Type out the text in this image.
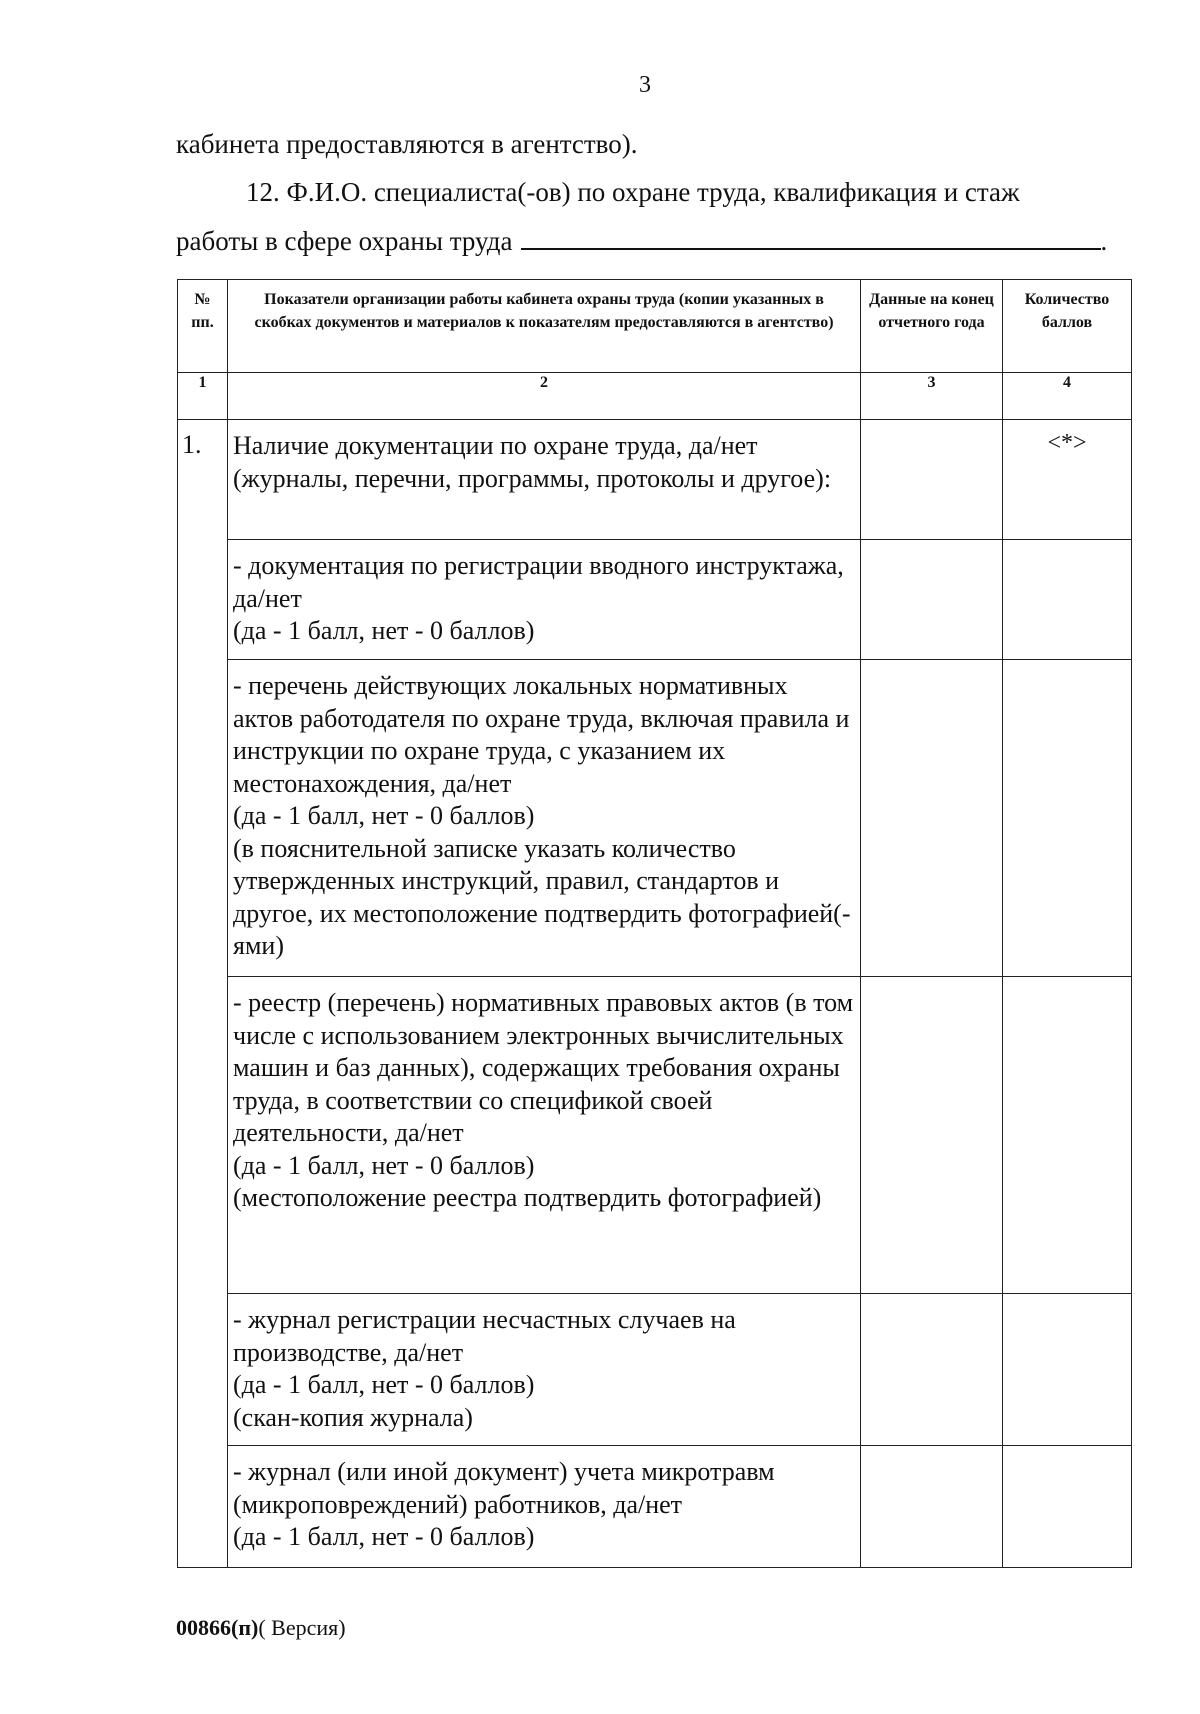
3
кабинета предоставляются в агентство).
12. Ф.И.О. специалиста(-ов) по охране труда, квалификация и стаж
работы в сфере охраны труда	.
№ пп.	Показатели организации работы кабинета охраны труда (копии указанных в скобках документов и материалов к показателям предоставляются в агентство)	Данные на конец отчетного года	Количество баллов
1	2	3	4
1.	Наличие документации по охране труда, да/нет (журналы, перечни, программы, протоколы и другое):		<*>
	- документация по регистрации вводного инструктажа, да/нет
(да - 1 балл, нет - 0 баллов)		
	- перечень действующих локальных нормативных актов работодателя по охране труда, включая правила и инструкции по охране труда, с указанием их местонахождения, да/нет
(да - 1 балл, нет - 0 баллов)
(в пояснительной записке указать количество утвержденных инструкций, правил, стандартов и другое, их местоположение подтвердить фотографией(-ями)		
	- реестр (перечень) нормативных правовых актов (в том числе с использованием электронных вычислительных машин и баз данных), содержащих требования охраны труда, в соответствии со спецификой своей деятельности, да/нет
(да - 1 балл, нет - 0 баллов)
(местоположение реестра подтвердить фотографией)		
	- журнал регистрации несчастных случаев на производстве, да/нет
(да - 1 балл, нет - 0 баллов)
(скан-копия журнала)		
	- журнал (или иной документ) учета микротравм (микроповреждений) работников, да/нет
(да - 1 балл, нет - 0 баллов)		
00866(п)( Версия)
